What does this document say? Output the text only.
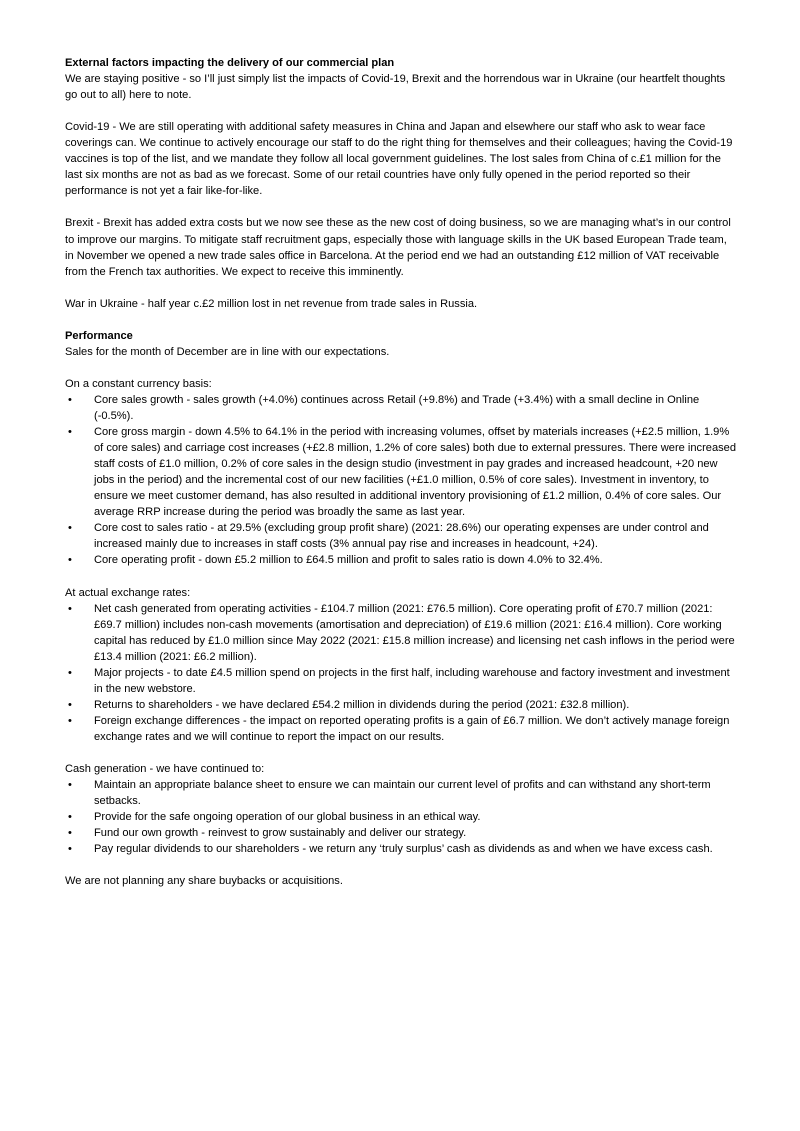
External factors impacting the delivery of our commercial plan

We are staying positive - so I’ll just simply list the impacts of Covid-19, Brexit and the horrendous war in Ukraine (our heartfelt thoughts go out to all) here to note.

Covid-19 - We are still operating with additional safety measures in China and Japan and elsewhere our staff who ask to wear face coverings can. We continue to actively encourage our staff to do the right thing for themselves and their colleagues; having the Covid-19 vaccines is top of the list, and we mandate they follow all local government guidelines. The lost sales from China of c.£1 million for the last six months are not as bad as we forecast. Some of our retail countries have only fully opened in the period reported so their performance is not yet a fair like-for-like.

Brexit - Brexit has added extra costs but we now see these as the new cost of doing business, so we are managing what’s in our control to improve our margins. To mitigate staff recruitment gaps, especially those with language skills in the UK based European Trade team, in November we opened a new trade sales office in Barcelona. At the period end we had an outstanding £12 million of VAT receivable from the French tax authorities. We expect to receive this imminently.

War in Ukraine - half year c.£2 million lost in net revenue from trade sales in Russia.

Performance

Sales for the month of December are in line with our expectations.

On a constant currency basis:

•	Core sales growth - sales growth (+4.0%) continues across Retail (+9.8%) and Trade (+3.4%) with a small decline in Online (-0.5%).
•	Core gross margin - down 4.5% to 64.1% in the period with increasing volumes, offset by materials increases (+£2.5 million, 1.9% of core sales) and carriage cost increases (+£2.8 million, 1.2% of core sales) both due to external pressures. There were increased staff costs of £1.0 million, 0.2% of core sales in the design studio (investment in pay grades and increased headcount, +20 new jobs in the period) and the incremental cost of our new facilities (+£1.0 million, 0.5% of core sales). Investment in inventory, to ensure we meet customer demand, has also resulted in additional inventory provisioning of £1.2 million, 0.4% of core sales. Our average RRP increase during the period was broadly the same as last year.
•	Core cost to sales ratio - at 29.5% (excluding group profit share) (2021: 28.6%) our operating expenses are under control and increased mainly due to increases in staff costs (3% annual pay rise and increases in headcount, +24).
•	Core operating profit - down £5.2 million to £64.5 million and profit to sales ratio is down 4.0% to 32.4%.

At actual exchange rates:

•	Net cash generated from operating activities - £104.7 million (2021: £76.5 million). Core operating profit of £70.7 million (2021: £69.7 million) includes non-cash movements (amortisation and depreciation) of £19.6 million (2021: £16.4 million). Core working capital has reduced by £1.0 million since May 2022 (2021: £15.8 million increase) and licensing net cash inflows in the period were £13.4 million (2021: £6.2 million).
•	Major projects - to date £4.5 million spend on projects in the first half, including warehouse and factory investment and investment in the new webstore.
•	Returns to shareholders - we have declared £54.2 million in dividends during the period (2021: £32.8 million).
•	Foreign exchange differences - the impact on reported operating profits is a gain of £6.7 million. We don’t actively manage foreign exchange rates and we will continue to report the impact on our results.

Cash generation - we have continued to:

•	Maintain an appropriate balance sheet to ensure we can maintain our current level of profits and can withstand any short-term setbacks.
•	Provide for the safe ongoing operation of our global business in an ethical way.
•	Fund our own growth - reinvest to grow sustainably and deliver our strategy.
•	Pay regular dividends to our shareholders - we return any ‘truly surplus’ cash as dividends as and when we have excess cash.

We are not planning any share buybacks or acquisitions.
